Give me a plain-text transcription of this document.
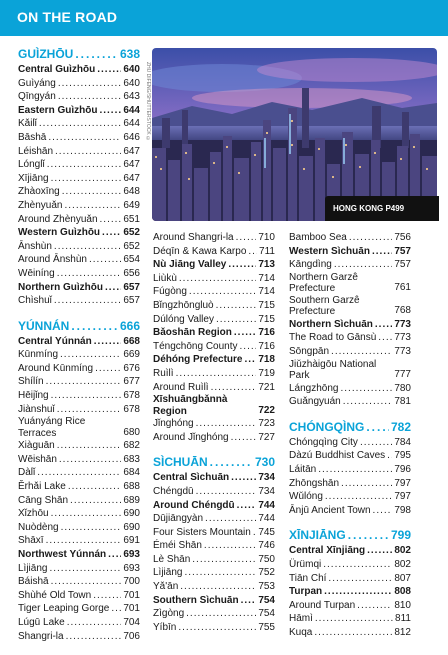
ON THE ROAD
GUÌZHŌU .....	638
Central Guìzhōu .....	640
Guìyáng .....	640
Qīngyán .....	643
Eastern Guìzhōu .....	644
Kǎilǐ .....	644
Bāshā .....	646
Léishān .....	647
Lónglǐ .....	647
Xījiāng .....	647
Zhàoxīng .....	648
Zhènyuǎn .....	649
Around Zhènyuǎn .....	651
Western Guìzhōu ..... 652
Ānshùn .....	652
Around Ānshùn .....	654
Wēiníng .....	656
Northern Guìzhōu ..... 657
Chìshuǐ .....	657
YÚNNÁN .....	666
Central Yúnnán .....	668
Kūnmíng .....	669
Around Kūnmíng .....	676
Shílín .....	677
Hēijǐng .....	678
Jiànshuǐ .....	678
Yuányáng Rice Terraces	680
Xiàguān .....	682
Wēishān .....	683
Dàlǐ .....	684
Ěrhǎi Lake .....	688
Cāng Shān .....	689
Xǐzhōu .....	690
Nuòdèng .....	690
Shāxī .....	691
Northwest Yúnnán ..... 693
Lìjiāng .....	693
Báishā .....	700
Shùhé Old Town .....	701
Tiger Leaping Gorge ..... 701
Lúgū Lake .....	704
Shangri-la .....	706
Around Shangri-la ..... 710
Déqīn & Kawa Karpo ..... 711
Nù Jiāng Valley .....	713
Liùkù .....	714
Fúgòng .....	714
Bǐngzhōngluò .....	715
Dúlóng Valley .....	715
Bǎoshān Region .....	716
Téngchōng County ..... 716
Déhóng Prefecture ..... 718
Ruìlì .....	719
Around Ruìlì .....	721
Xīshuāngbǎnnà Region	722
Jǐnghóng .....	723
Around Jǐnghóng .....	727
SÌCHUĀN .....	730
Central Sìchuān .....	734
Chéngdū .....	734
Around Chéngdū ..... 744
Dūjiāngyàn .....	744
Four Sisters Mountain ..... 745
Éméi Shān .....	746
Lè Shān .....	750
Lìjiāng .....	752
Yǎ'ān .....	753
Southern Sìchuān ..... 754
Zìgòng .....	754
Yíbīn .....	755
Bamboo Sea .....	756
Western Sìchuān ..... 757
Kāngdìng .....	757
Northern Garzê Prefecture	761
Southern Garzê Prefecture	768
Northern Sìchuān ..... 773
The Road to Gānsù ..... 773
Sōngpān .....	773
Jiǔzhàigōu National Park	777
Lángzhōng .....	780
Guǎngyuán .....	781
CHÓNGQÌNG ..... 782
Chóngqìng City .....	784
Dàzú Buddhist Caves ..... 795
Láitān .....	796
Zhōngshān .....	797
Wǔlóng .....	797
Ānjū Ancient Town ..... 798
XĪNJIĀNG .....	799
Central Xīnjiāng .....	802
Ürümqi .....	802
Tiān Chí .....	807
Turpan .....	808
Around Turpan .....	810
Hāmì .....	811
Kuqa .....	812
ZHU DIFENG/SHUTTERSTOCK ©
HONG KONG P499
